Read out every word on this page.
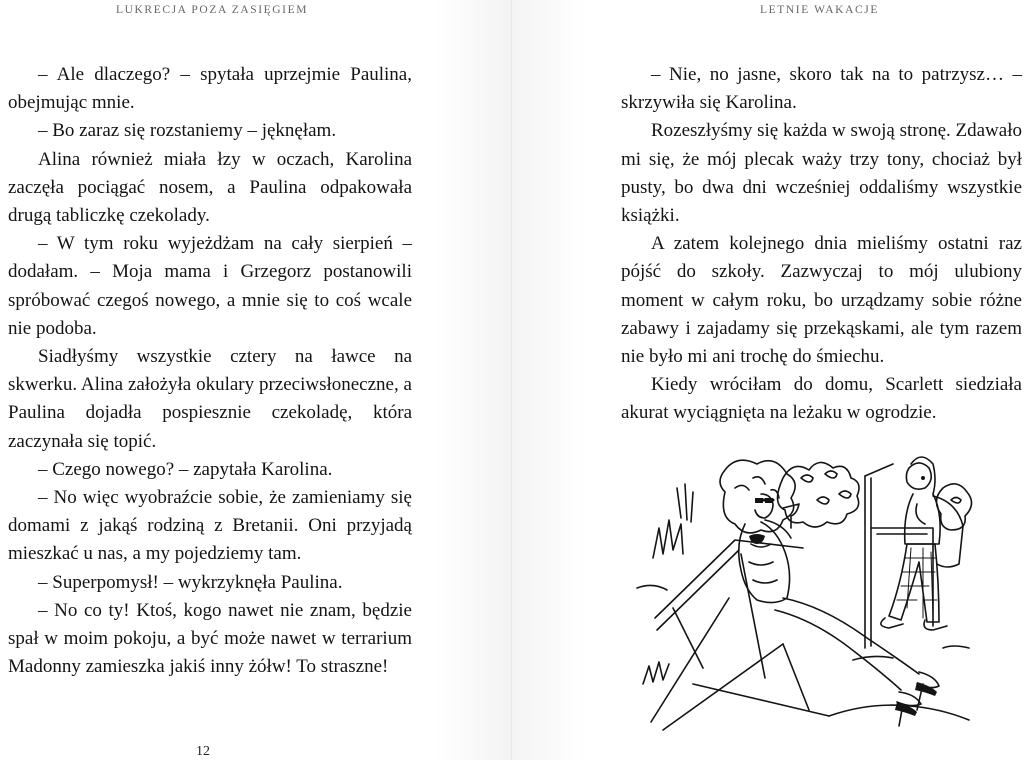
LUKRECJA POZA ZASIĘGIEM

– Ale dlaczego? – spytała uprzejmie Paulina, obejmując mnie.

– Bo zaraz się rozstaniemy – jęknęłam.

Alina również miała łzy w oczach, Karolina zaczęła pociągać nosem, a Paulina odpakowała drugą tabliczkę czekolady.

– W tym roku wyjeżdżam na cały sierpień – dodałam. – Moja mama i Grzegorz postanowili spróbować czegoś nowego, a mnie się to coś wcale nie podoba.

Siadłyśmy wszystkie cztery na ławce na skwerku. Alina założyła okulary przeciwsłoneczne, a Paulina dojadła pospiesznie czekoladę, która zaczynała się topić.

– Czego nowego? – zapytała Karolina.

– No więc wyobraźcie sobie, że zamieniamy się domami z jakąś rodziną z Bretanii. Oni przyjadą mieszkać u nas, a my pojedziemy tam.

– Superpomysł! – wykrzyknęła Paulina.

– No co ty! Ktoś, kogo nawet nie znam, będzie spał w moim pokoju, a być może nawet w terrarium Madonny zamieszka jakiś inny żółw! To straszne!

12
LETNIE WAKACJE

– Nie, no jasne, skoro tak na to patrzysz… – skrzywiła się Karolina.

Rozeszłyśmy się każda w swoją stronę. Zdawało mi się, że mój plecak waży trzy tony, chociaż był pusty, bo dwa dni wcześniej oddaliśmy wszystkie książki.

A zatem kolejnego dnia mieliśmy ostatni raz pójść do szkoły. Zazwyczaj to mój ulubiony moment w całym roku, bo urządzamy sobie różne zabawy i zajadamy się przekąskami, ale tym razem nie było mi ani trochę do śmiechu.

Kiedy wróciłam do domu, Scarlett siedziała akurat wyciągnięta na leżaku w ogrodzie.
